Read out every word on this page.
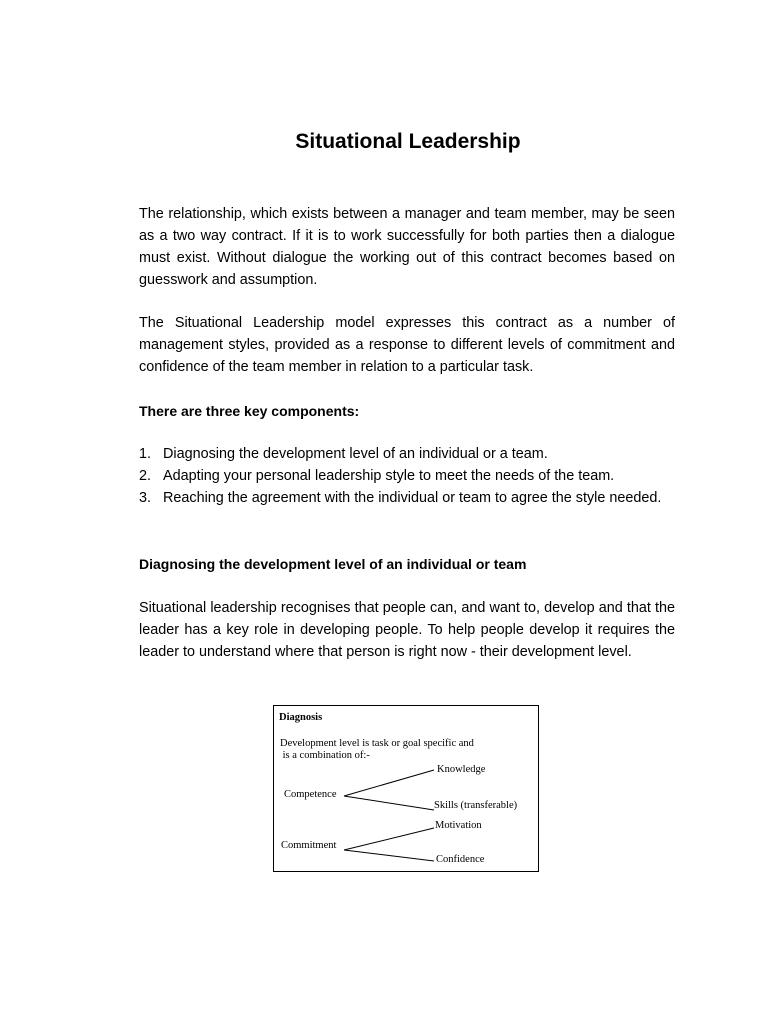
Situational Leadership

The relationship, which exists between a manager and team member, may be seen as a two way contract. If it is to work successfully for both parties then a dialogue must exist. Without dialogue the working out of this contract becomes based on guesswork and assumption.

The Situational Leadership model expresses this contract as a number of management styles, provided as a response to different levels of commitment and confidence of the team member in relation to a particular task.

There are three key components:

1. Diagnosing the development level of an individual or a team.
2. Adapting your personal leadership style to meet the needs of the team.
3. Reaching the agreement with the individual or team to agree the style needed.

Diagnosing the development level of an individual or team

Situational leadership recognises that people can, and want to, develop and that the leader has a key role in developing people. To help people develop it requires the leader to understand where that person is right now - their development level.

Diagnosis
Development level is task or goal specific and
is a combination of:-
Knowledge
Competence
Skills (transferable)
Motivation
Commitment
Confidence
